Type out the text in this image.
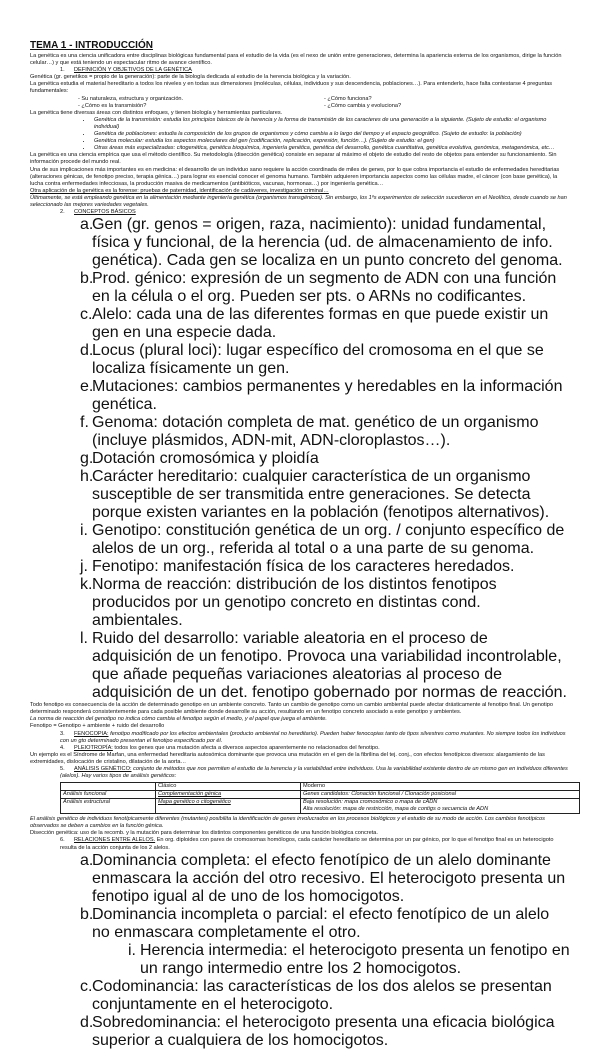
TEMA 1 - INTRODUCCIÓN

La genética es una ciencia unificadora entre disciplinas biológicas fundamental para el estudio de la vida (es el nexo de unión entre generaciones, determina la apariencia externa de los organismos, dirige la función celular…) y que está teniendo un espectacular ritmo de avance científico.

1. DEFINICIÓN Y OBJETIVOS DE LA GENÉTICA

Genética (gr. genetikos = propio de la generación): parte de la biología dedicada al estudio de la herencia biológica y la variación.

La genética estudia el material hereditario a todos los niveles y en todas sus dimensiones (moléculas, células, individuos y sus descendencia, poblaciones…). Para entenderlo, hace falta contestarse 4 preguntas fundamentales:

- Su naturaleza, estructura y organización.	- ¿Cómo funciona?
- ¿Cómo es la transmisión?	- ¿Cómo cambia y evoluciona?

La genética tiene diversas áreas con distintos enfoques, y tienen biología y herramientas particulares.

• Genética de la transmisión: estudia los principios básicos de la herencia y la forma de transmisión de los caracteres de una generación a la siguiente. (Sujeto de estudio: el organismo individual)
• Genética de poblaciones: estudia la composición de los grupos de organismos y cómo cambia a lo largo del tiempo y el espacio geográfico. (Sujeto de estudio: la población)
• Genética molecular: estudia los aspectos moleculares del gen (codificación, replicación, expresión, función…). (Sujeto de estudio: el gen)
• Otras áreas más especializadas: citogenética, genética bioquímica, ingeniería genética, genética del desarrollo, genética cuantitativa, genética evolutiva, genómica, metagenómica, etc…

La genética es una ciencia empírica que usa el método científico. Su metodología (disección genética) consiste en separar al máximo el objeto de estudio del resto de objetos para entender su funcionamiento. Sin información procede del mundo real.

Una de sus implicaciones más importantes es en medicina: el desarrollo de un individuo sano requiere la acción coordinada de miles de genes, por lo que cobra importancia el estudio de enfermedades hereditarias (alteraciones génicas, de fenotipo preciso, terapia génica…) para lograr es esencial conocer el genoma humano. También adquieren importancia aspectos como las células madre, el cáncer (con base genética), la lucha contra enfermedades infecciosas, la producción masiva de medicamentos (antibióticos, vacunas, hormonas…) por ingeniería genética…

Otra aplicación de la genética es la forense: pruebas de paternidad, identificación de cadáveres, investigación criminal…

Últimamente, se está empleando genética en la alimentación mediante ingeniería genética (organismos transgénicos). Sin embargo, los 1ºs experimentos de selección sucedieron en el Neolítico, desde cuando se han seleccionado las mejores variedades vegetales.

2. CONCEPTOS BÁSICOS
a.Gen (gr. genos = origen, raza, nacimiento): unidad fundamental, física y funcional, de la herencia (ud. de almacenamiento de info. genética). Cada gen se localiza en un punto concreto del genoma.
b.Prod. génico: expresión de un segmento de ADN con una función en la célula o el org. Pueden ser pts. o ARNs no codificantes.
c.Alelo: cada una de las diferentes formas en que puede existir un gen en una especie dada.
d.Locus (plural loci): lugar específico del cromosoma en el que se localiza físicamente un gen.
e.Mutaciones: cambios permanentes y heredables en la información genética.
f. Genoma: dotación completa de mat. genético de un organismo (incluye plásmidos, ADN-mit, ADN-cloroplastos…).
g.Dotación cromosómica y ploidía
h.Carácter hereditario: cualquier característica de un organismo susceptible de ser transmitida entre generaciones. Se detecta porque existen variantes en la población (fenotipos alternativos).
i. Genotipo: constitución genética de un org. / conjunto específico de alelos de un org., referida al total o a una parte de su genoma.
j. Fenotipo: manifestación física de los caracteres heredados.
k.Norma de reacción: distribución de los distintos fenotipos producidos por un genotipo concreto en distintas cond. ambientales.
l. Ruido del desarrollo: variable aleatoria en el proceso de adquisición de un fenotipo. Provoca una variabilidad incontrolable, que añade pequeñas variaciones aleatorias al proceso de adquisición de un det. fenotipo gobernado por normas de reacción.

Todo fenotipo es consecuencia de la acción de determinado genotipo en un ambiente concreto. Tanto un cambio de genotipo como un cambio ambiental puede afectar drásticamente al fenotipo final. Un genotipo determinado responderá consistentemente para cada posible ambiente donde desarrolle su acción, resultando en un fenotipo concreto asociado a este genotipo y ambientes.

La norma de reacción del genotipo no indica cómo cambia el fenotipo según el medio, y el papel que juega el ambiente.

Fenotipo = Genotipo + ambiente + ruido del desarrollo

3. FENOCOPIA: fenotipo modificado por los efectos ambientales (producto ambiental no hereditario). Pueden haber fenocopias tanto de tipos silvestres como mutantes. No siempre todos los individuos con un gto determinado presentan el fenotipo especificado por él.
4. PLEIOTROPÍA: todos los genes que una mutación afecta a diversos aspectos aparentemente no relacionados del fenotipo.

Un ejemplo es el Síndrome de Marfan, una enfermedad hereditaria autosómica dominante que provoca una mutación en el gen de la fibrilina del tej. conj., con efectos fenotípicos diversos: alargamiento de las extremidades, dislocación de cristalino, dilatación de la aorta…

5. ANÁLISIS GENÉTICO: conjunto de métodos que nos permiten el estudio de la herencia y la variabilidad entre individuos. Usa la variabilidad existente dentro de un mismo gen en individuos diferentes (alelos). Hay varios tipos de análisis genéticos:
	Clásico	Moderno
Análisis funcional	Complementación génica	Genes candidatos: Clonación funcional / Clonación posicional
Análisis estructural	Mapa genético o citogenético	Baja resolución: mapa cromosómico o mapa de cADN
Alta resolución: mapa de restricción, mapa de contigs o secuencia de ADN

El análisis genético de individuos fenotípicamente diferentes (mutantes) posibilita la identificación de genes involucrados en los procesos biológicos y el estudio de su modo de acción. Los cambios fenotípicos observados se deben a cambios en la función génica.

Disección genética: uso de la recomb. y la mutación para determinar los distintos componentes genéticos de una función biológica concreta.

6. RELACIONES ENTRE ALELOS. En org. diploides con pares de cromosomas homólogos, cada carácter hereditario se determina por un par génico, por lo que el fenotipo final es un heterocigoto resulta de la acción conjunta de los 2 alelos.
a.Dominancia completa: el efecto fenotípico de un alelo dominante enmascara la acción del otro recesivo. El heterocigoto presenta un fenotipo igual al de uno de los homocigotos.
b.Dominancia incompleta o parcial: el efecto fenotípico de un alelo no enmascara completamente el otro.
i. Herencia intermedia: el heterocigoto presenta un fenotipo en un rango intermedio entre los 2 homocigotos.
c.Codominancia: las características de los dos alelos se presentan conjuntamente en el heterocigoto.
d.Sobredominancia: el heterocigoto presenta una eficacia biológica superior a cualquiera de los homocigotos.
